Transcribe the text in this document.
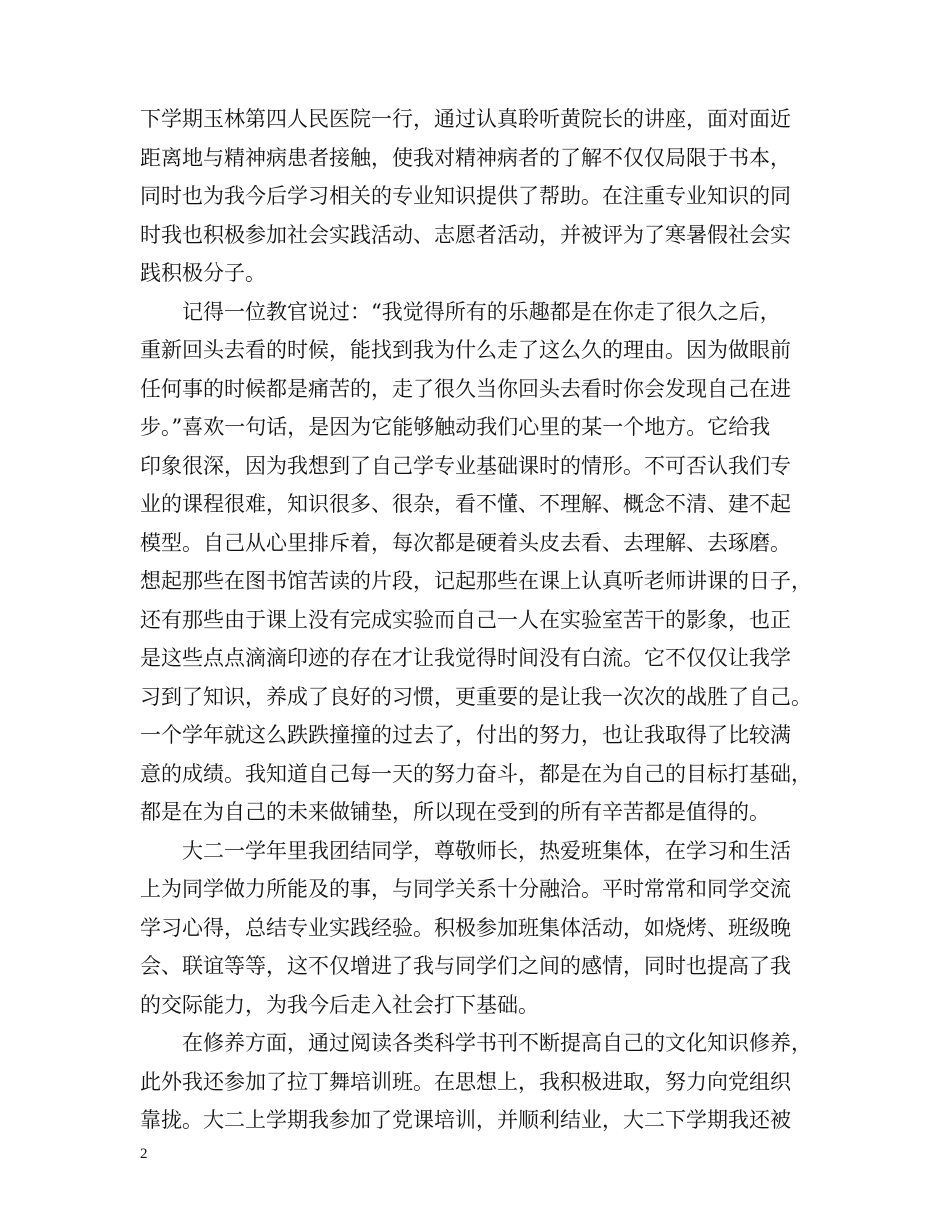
下学期玉林第四人民医院一行，通过认真聆听黄院长的讲座，面对面近
距离地与精神病患者接触，使我对精神病者的了解不仅仅局限于书本，
同时也为我今后学习相关的专业知识提供了帮助。在注重专业知识的同
时我也积极参加社会实践活动、志愿者活动，并被评为了寒暑假社会实
践积极分子。
　　记得一位教官说过：“我觉得所有的乐趣都是在你走了很久之后，
重新回头去看的时候，能找到我为什么走了这么久的理由。因为做眼前
任何事的时候都是痛苦的，走了很久当你回头去看时你会发现自己在进
步。”喜欢一句话，是因为它能够触动我们心里的某一个地方。它给我
印象很深，因为我想到了自己学专业基础课时的情形。不可否认我们专
业的课程很难，知识很多、很杂，看不懂、不理解、概念不清、建不起
模型。自己从心里排斥着，每次都是硬着头皮去看、去理解、去琢磨。
想起那些在图书馆苦读的片段，记起那些在课上认真听老师讲课的日子，
还有那些由于课上没有完成实验而自己一人在实验室苦干的影象，也正
是这些点点滴滴印迹的存在才让我觉得时间没有白流。它不仅仅让我学
习到了知识，养成了良好的习惯，更重要的是让我一次次的战胜了自己。
一个学年就这么跌跌撞撞的过去了，付出的努力，也让我取得了比较满
意的成绩。我知道自己每一天的努力奋斗，都是在为自己的目标打基础，
都是在为自己的未来做铺垫，所以现在受到的所有辛苦都是值得的。
　　大二一学年里我团结同学，尊敬师长，热爱班集体，在学习和生活
上为同学做力所能及的事，与同学关系十分融洽。平时常常和同学交流
学习心得，总结专业实践经验。积极参加班集体活动，如烧烤、班级晚
会、联谊等等，这不仅增进了我与同学们之间的感情，同时也提高了我
的交际能力，为我今后走入社会打下基础。
　　在修养方面，通过阅读各类科学书刊不断提高自己的文化知识修养，
此外我还参加了拉丁舞培训班。在思想上，我积极进取，努力向党组织
靠拢。大二上学期我参加了党课培训，并顺利结业，大二下学期我还被
2
